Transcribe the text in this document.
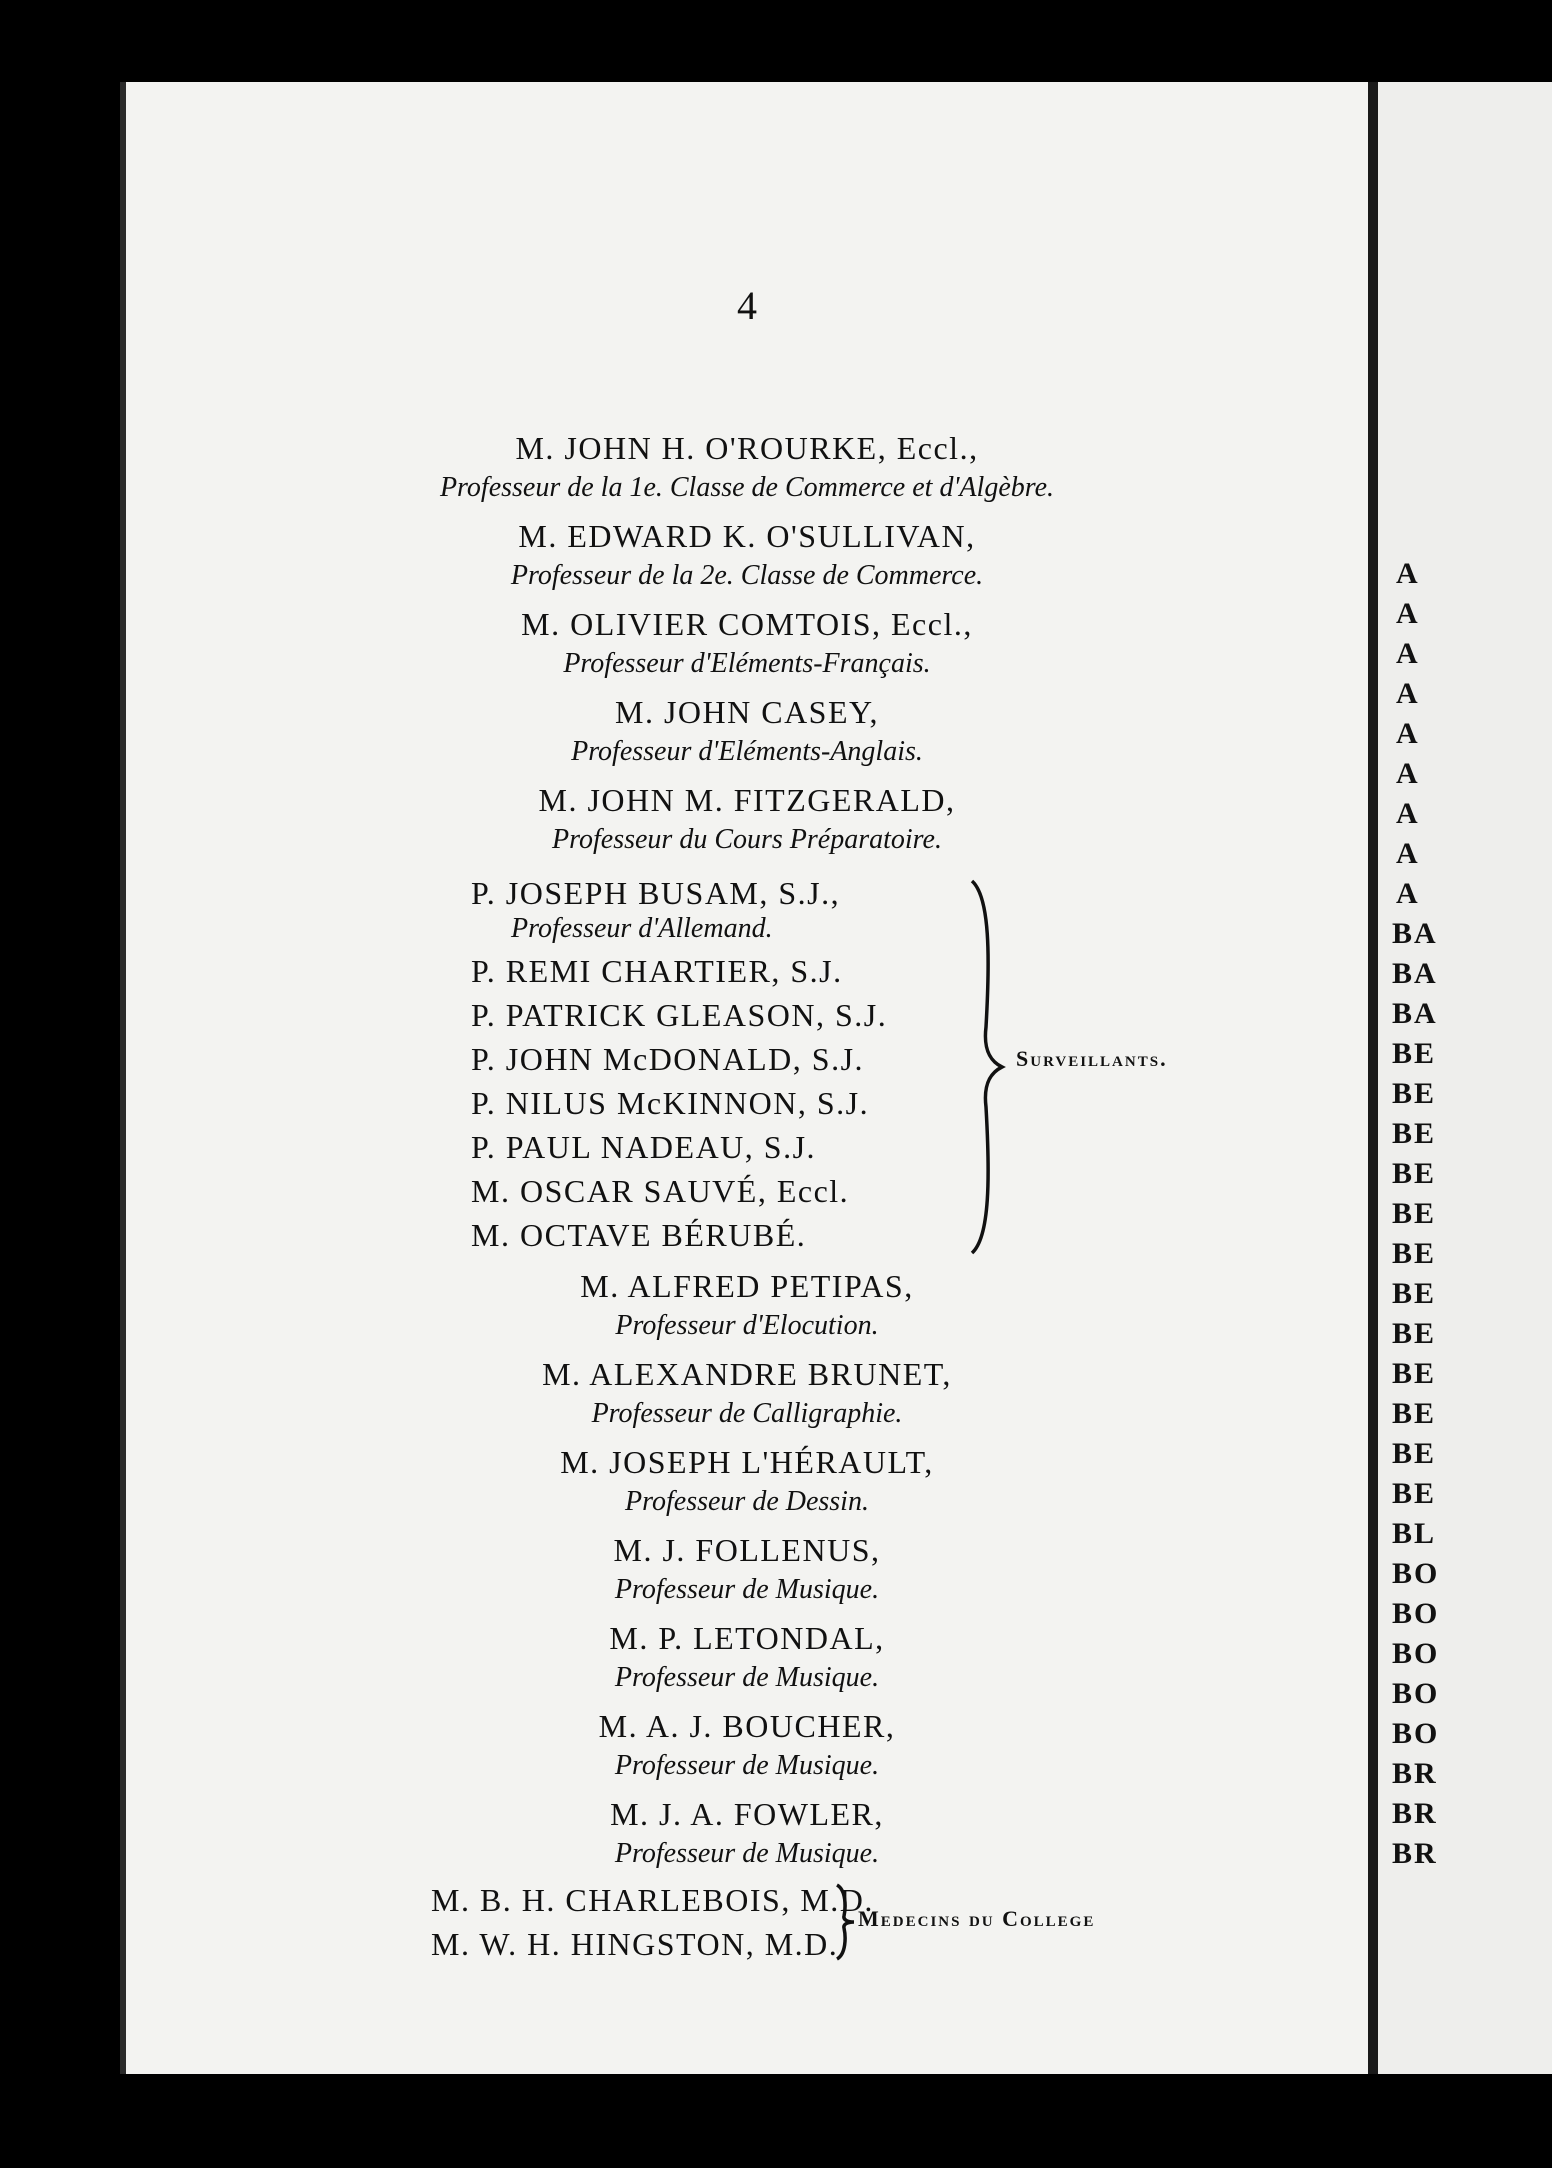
4
M. JOHN H. O'ROURKE, Eccl.,
Professeur de la 1e. Classe de Commerce et d'Algèbre.
M. EDWARD K. O'SULLIVAN,
Professeur de la 2e. Classe de Commerce.
M. OLIVIER COMTOIS, Eccl.,
Professeur d'Eléments-Français.
M. JOHN CASEY,
Professeur d'Eléments-Anglais.
M. JOHN M. FITZGERALD,
Professeur du Cours Préparatoire.
P. JOSEPH BUSAM, S.J.,
Professeur d'Allemand.
P. REMI CHARTIER, S.J.
P. PATRICK GLEASON, S.J.
P. JOHN McDONALD, S.J.
P. NILUS McKINNON, S.J.
P. PAUL NADEAU, S.J.
M. OSCAR SAUVÉ, Eccl.
M. OCTAVE BÉRUBÉ.
Surveillants.
M. ALFRED PETIPAS,
Professeur d'Elocution.
M. ALEXANDRE BRUNET,
Professeur de Calligraphie.
M. JOSEPH L'HÉRAULT,
Professeur de Dessin.
M. J. FOLLENUS,
Professeur de Musique.
M. P. LETONDAL,
Professeur de Musique.
M. A. J. BOUCHER,
Professeur de Musique.
M. J. A. FOWLER,
Professeur de Musique.
M. B. H. CHARLEBOIS, M.D.
M. W. H. HINGSTON, M.D.
Medecins du College
A
A
A
A
A
A
A
A
A
BA
BA
BA
BE
BE
BE
BE
BE
BE
BE
BE
BE
BE
BE
BE
BL
BO
BO
BO
BO
BO
BR
BR
BR
